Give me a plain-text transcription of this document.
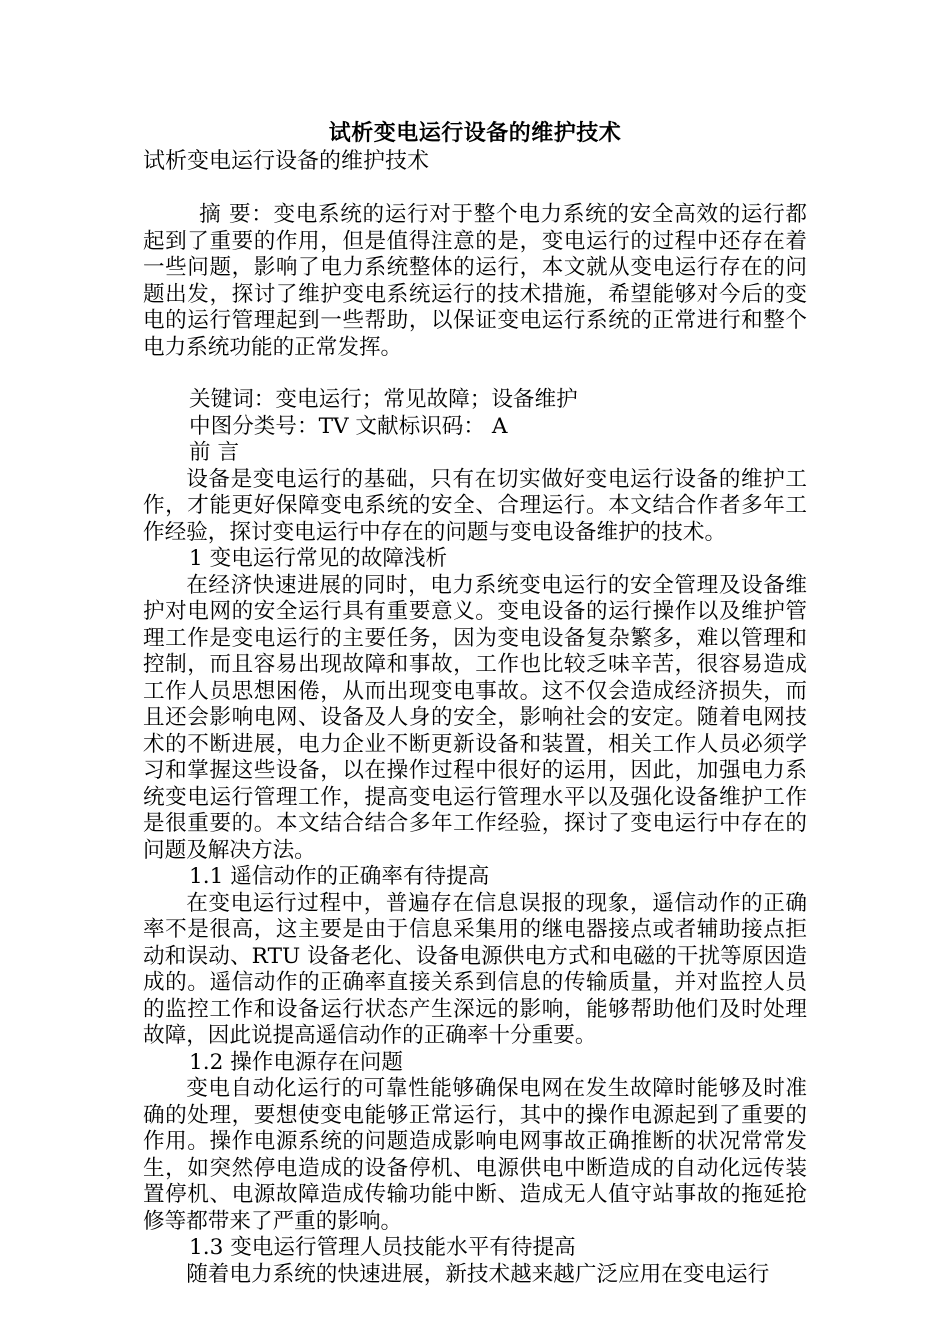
试析变电运行设备的维护技术

试析变电运行设备的维护技术

摘 要：变电系统的运行对于整个电力系统的安全高效的运行都起到了重要的作用，但是值得注意的是，变电运行的过程中还存在着一些问题，影响了电力系统整体的运行，本文就从变电运行存在的问题出发，探讨了维护变电系统运行的技术措施，希望能够对今后的变电的运行管理起到一些帮助，以保证变电运行系统的正常进行和整个电力系统功能的正常发挥。

关键词：变电运行；常见故障；设备维护

中图分类号：TV 文献标识码： A

前 言

设备是变电运行的基础，只有在切实做好变电运行设备的维护工作，才能更好保障变电系统的安全、合理运行。本文结合作者多年工作经验，探讨变电运行中存在的问题与变电设备维护的技术。

1 变电运行常见的故障浅析

在经济快速进展的同时，电力系统变电运行的安全管理及设备维护对电网的安全运行具有重要意义。变电设备的运行操作以及维护管理工作是变电运行的主要任务，因为变电设备复杂繁多，难以管理和控制，而且容易出现故障和事故，工作也比较乏味辛苦，很容易造成工作人员思想困倦，从而出现变电事故。这不仅会造成经济损失，而且还会影响电网、设备及人身的安全，影响社会的安定。随着电网技术的不断进展，电力企业不断更新设备和装置，相关工作人员必须学习和掌握这些设备，以在操作过程中很好的运用，因此，加强电力系统变电运行管理工作，提高变电运行管理水平以及强化设备维护工作是很重要的。本文结合结合多年工作经验，探讨了变电运行中存在的问题及解决方法。

1.1 遥信动作的正确率有待提高

在变电运行过程中，普遍存在信息误报的现象，遥信动作的正确率不是很高，这主要是由于信息采集用的继电器接点或者辅助接点拒动和误动、RTU 设备老化、设备电源供电方式和电磁的干扰等原因造成的。遥信动作的正确率直接关系到信息的传输质量，并对监控人员的监控工作和设备运行状态产生深远的影响，能够帮助他们及时处理故障，因此说提高遥信动作的正确率十分重要。

1.2 操作电源存在问题

变电自动化运行的可靠性能够确保电网在发生故障时能够及时准确的处理，要想使变电能够正常运行，其中的操作电源起到了重要的作用。操作电源系统的问题造成影响电网事故正确推断的状况常常发生，如突然停电造成的设备停机、电源供电中断造成的自动化远传装置停机、电源故障造成传输功能中断、造成无人值守站事故的拖延抢修等都带来了严重的影响。

1.3 变电运行管理人员技能水平有待提高

随着电力系统的快速进展，新技术越来越广泛应用在变电运行
